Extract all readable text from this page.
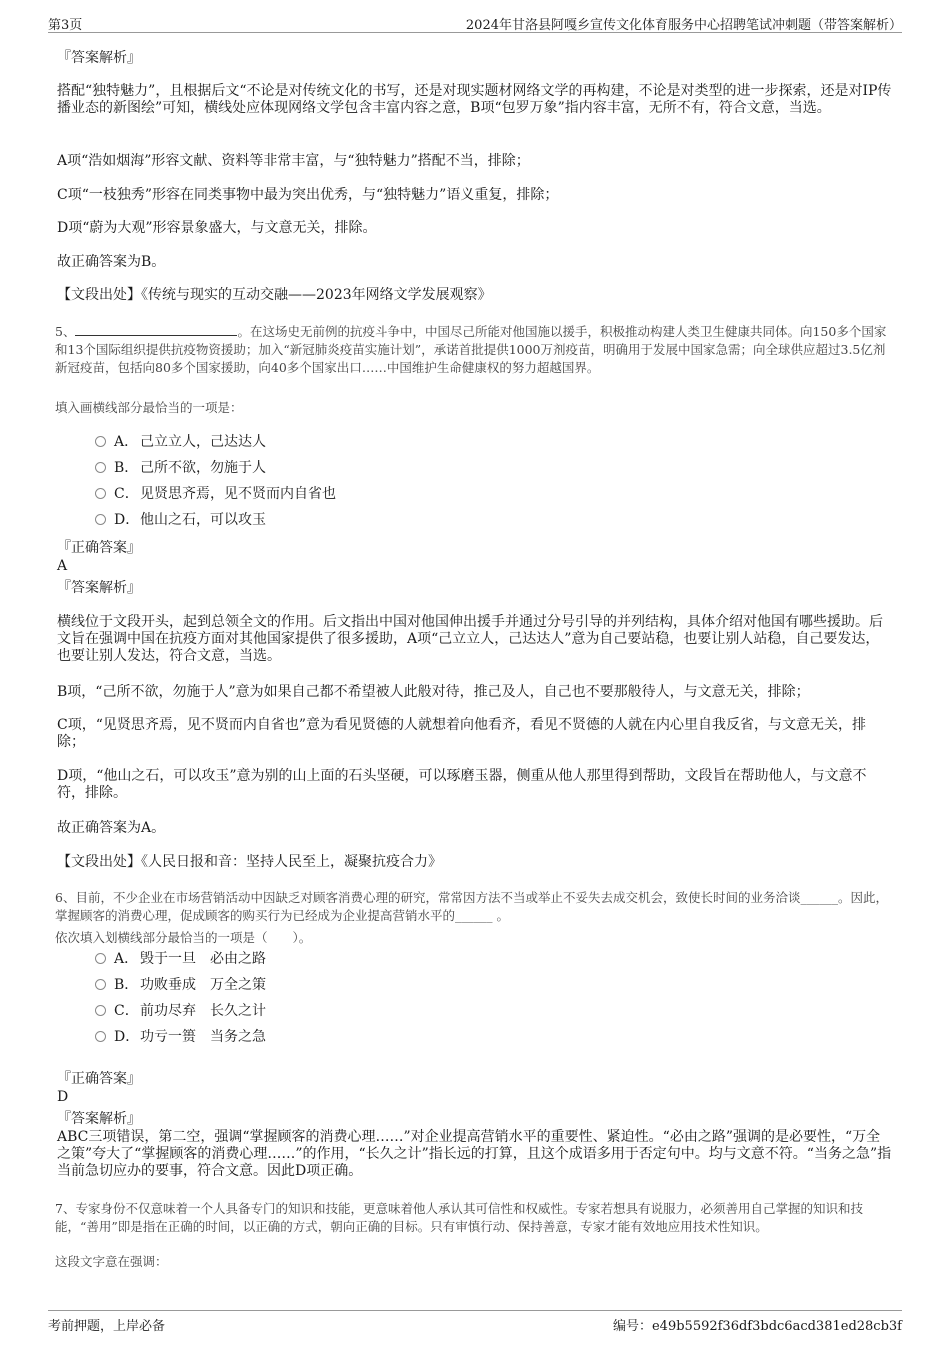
第3页	2024年甘洛县阿嘎乡宣传文化体育服务中心招聘笔试冲刺题（带答案解析）
『答案解析』
搭配“独特魅力”，且根据后文“不论是对传统文化的书写，还是对现实题材网络文学的再构建，不论是对类型的进一步探索，还是对IP传播业态的新图绘”可知，横线处应体现网络文学包含丰富内容之意，B项“包罗万象”指内容丰富，无所不有，符合文意，当选。
A项“浩如烟海”形容文献、资料等非常丰富，与“独特魅力”搭配不当，排除；
C项“一枝独秀”形容在同类事物中最为突出优秀，与“独特魅力”语义重复，排除；
D项“蔚为大观”形容景象盛大，与文意无关，排除。
故正确答案为B。
【文段出处】《传统与现实的互动交融——2023年网络文学发展观察》
5、	。在这场史无前例的抗疫斗争中，中国尽己所能对他国施以援手，积极推动构建人类卫生健康共同体。向150多个国家和13个国际组织提供抗疫物资援助；加入“新冠肺炎疫苗实施计划”，承诺首批提供1000万剂疫苗，明确用于发展中国家急需；向全球供应超过3.5亿剂新冠疫苗，包括向80多个国家援助，向40多个国家出口……中国维护生命健康权的努力超越国界。
填入画横线部分最恰当的一项是：
A． 己立立人，己达达人
B． 己所不欲，勿施于人
C．见贤思齐焉，见不贤而内自省也
D．他山之石，可以攻玉
『正确答案』
A
『答案解析』
横线位于文段开头，起到总领全文的作用。后文指出中国对他国伸出援手并通过分号引导的并列结构，具体介绍对他国有哪些援助。后文旨在强调中国在抗疫方面对其他国家提供了很多援助，A项“己立立人，己达达人”意为自己要站稳，也要让别人站稳，自己要发达，也要让别人发达，符合文意，当选。
B项，“己所不欲，勿施于人”意为如果自己都不希望被人此般对待，推己及人，自己也不要那般待人，与文意无关，排除；
C项，“见贤思齐焉，见不贤而内自省也”意为看见贤德的人就想着向他看齐，看见不贤德的人就在内心里自我反省，与文意无关，排除；
D项，“他山之石，可以攻玉”意为别的山上面的石头坚硬，可以琢磨玉器，侧重从他人那里得到帮助，文段旨在帮助他人，与文意不符，排除。
故正确答案为A。
【文段出处】《人民日报和音：坚持人民至上，凝聚抗疫合力》
6、目前，不少企业在市场营销活动中因缺乏对顾客消费心理的研究，常常因方法不当或举止不妥失去成交机会，致使长时间的业务洽谈______。因此，掌握顾客的消费心理，促成顾客的购买行为已经成为企业提高营销水平的______ 。
依次填入划横线部分最恰当的一项是（　　）。
A． 毁于一旦　必由之路
B． 功败垂成　万全之策
C．前功尽弃　长久之计
D．功亏一篑　当务之急
『正确答案』
D
『答案解析』
ABC三项错误，第二空，强调“掌握顾客的消费心理……”对企业提高营销水平的重要性、紧迫性。“必由之路”强调的是必要性，“万全之策”夸大了“掌握顾客的消费心理……”的作用，“长久之计”指长远的打算，且这个成语多用于否定句中。均与文意不符。“当务之急”指当前急切应办的要事，符合文意。因此D项正确。
7、专家身份不仅意味着一个人具备专门的知识和技能，更意味着他人承认其可信性和权威性。专家若想具有说服力，必须善用自己掌握的知识和技能，“善用”即是指在正确的时间，以正确的方式，朝向正确的目标。只有审慎行动、保持善意，专家才能有效地应用技术性知识。
这段文字意在强调：
考前押题，上岸必备	编号：e49b5592f36df3bdc6acd381ed28cb3f
